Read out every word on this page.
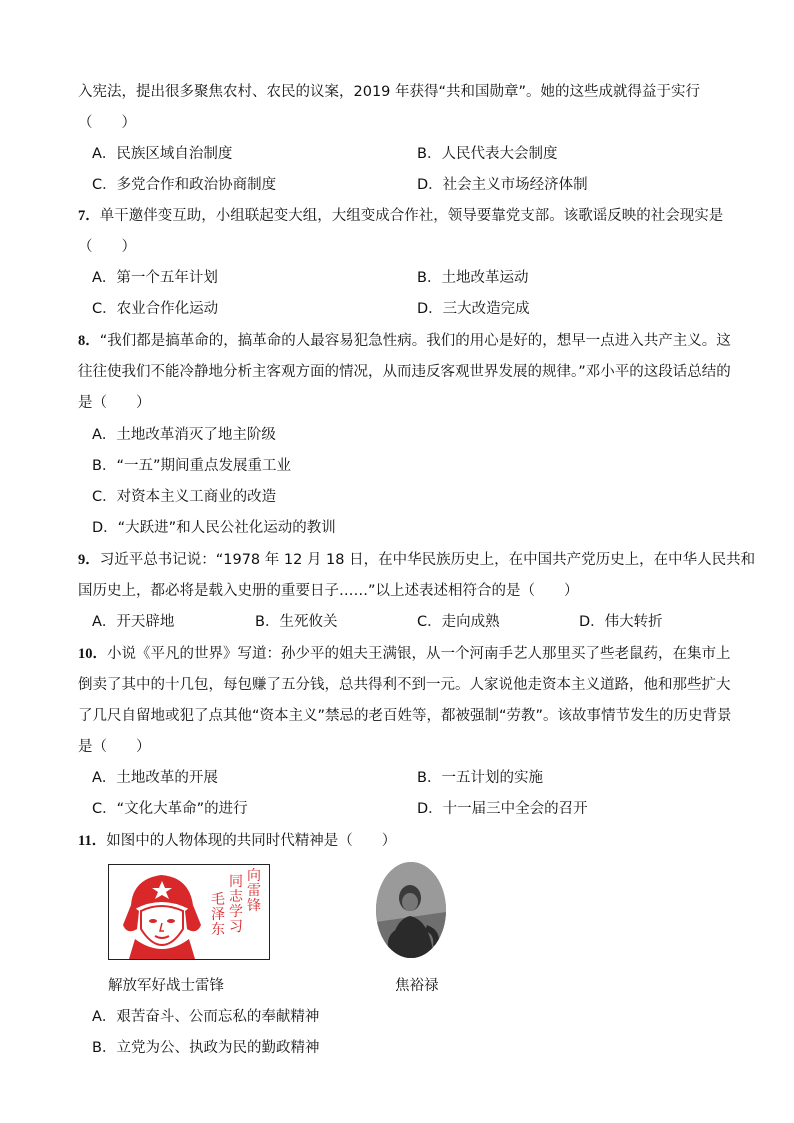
入宪法，提出很多聚焦农村、农民的议案，2019 年获得“共和国勋章”。她的这些成就得益于实行
（　　）
A．民族区域自治制度	B．人民代表大会制度
C．多党合作和政治协商制度	D．社会主义市场经济体制
7．单干邀伴变互助，小组联起变大组，大组变成合作社，领导要靠党支部。该歌谣反映的社会现实是
（　　）
A．第一个五年计划	B．土地改革运动
C．农业合作化运动	D．三大改造完成
8．“我们都是搞革命的，搞革命的人最容易犯急性病。我们的用心是好的，想早一点进入共产主义。这
往往使我们不能冷静地分析主客观方面的情况，从而违反客观世界发展的规律。”邓小平的这段话总结的
是（　　）
A．土地改革消灭了地主阶级
B．“一五”期间重点发展重工业
C．对资本主义工商业的改造
D．“大跃进”和人民公社化运动的教训
9．习近平总书记说：“1978 年 12 月 18 日，在中华民族历史上，在中国共产党历史上，在中华人民共和
国历史上，都必将是载入史册的重要日子……”以上述表述相符合的是（　　）
A．开天辟地	B．生死攸关	C．走向成熟	D．伟大转折
10．小说《平凡的世界》写道：孙少平的姐夫王满银，从一个河南手艺人那里买了些老鼠药，在集市上
倒卖了其中的十几包，每包赚了五分钱，总共得利不到一元。人家说他走资本主义道路，他和那些扩大
了几尺自留地或犯了点其他“资本主义”禁忌的老百姓等，都被强制“劳教”。该故事情节发生的历史背景
是（　　）
A．土地改革的开展	B．一五计划的实施
C．“文化大革命”的进行	D．十一届三中全会的召开
11．如图中的人物体现的共同时代精神是（　　）
向
雷
锋
同
志
学
习
毛
泽
东
解放军好战士雷锋	焦裕禄
A．艰苦奋斗、公而忘私的奉献精神
B．立党为公、执政为民的勤政精神
